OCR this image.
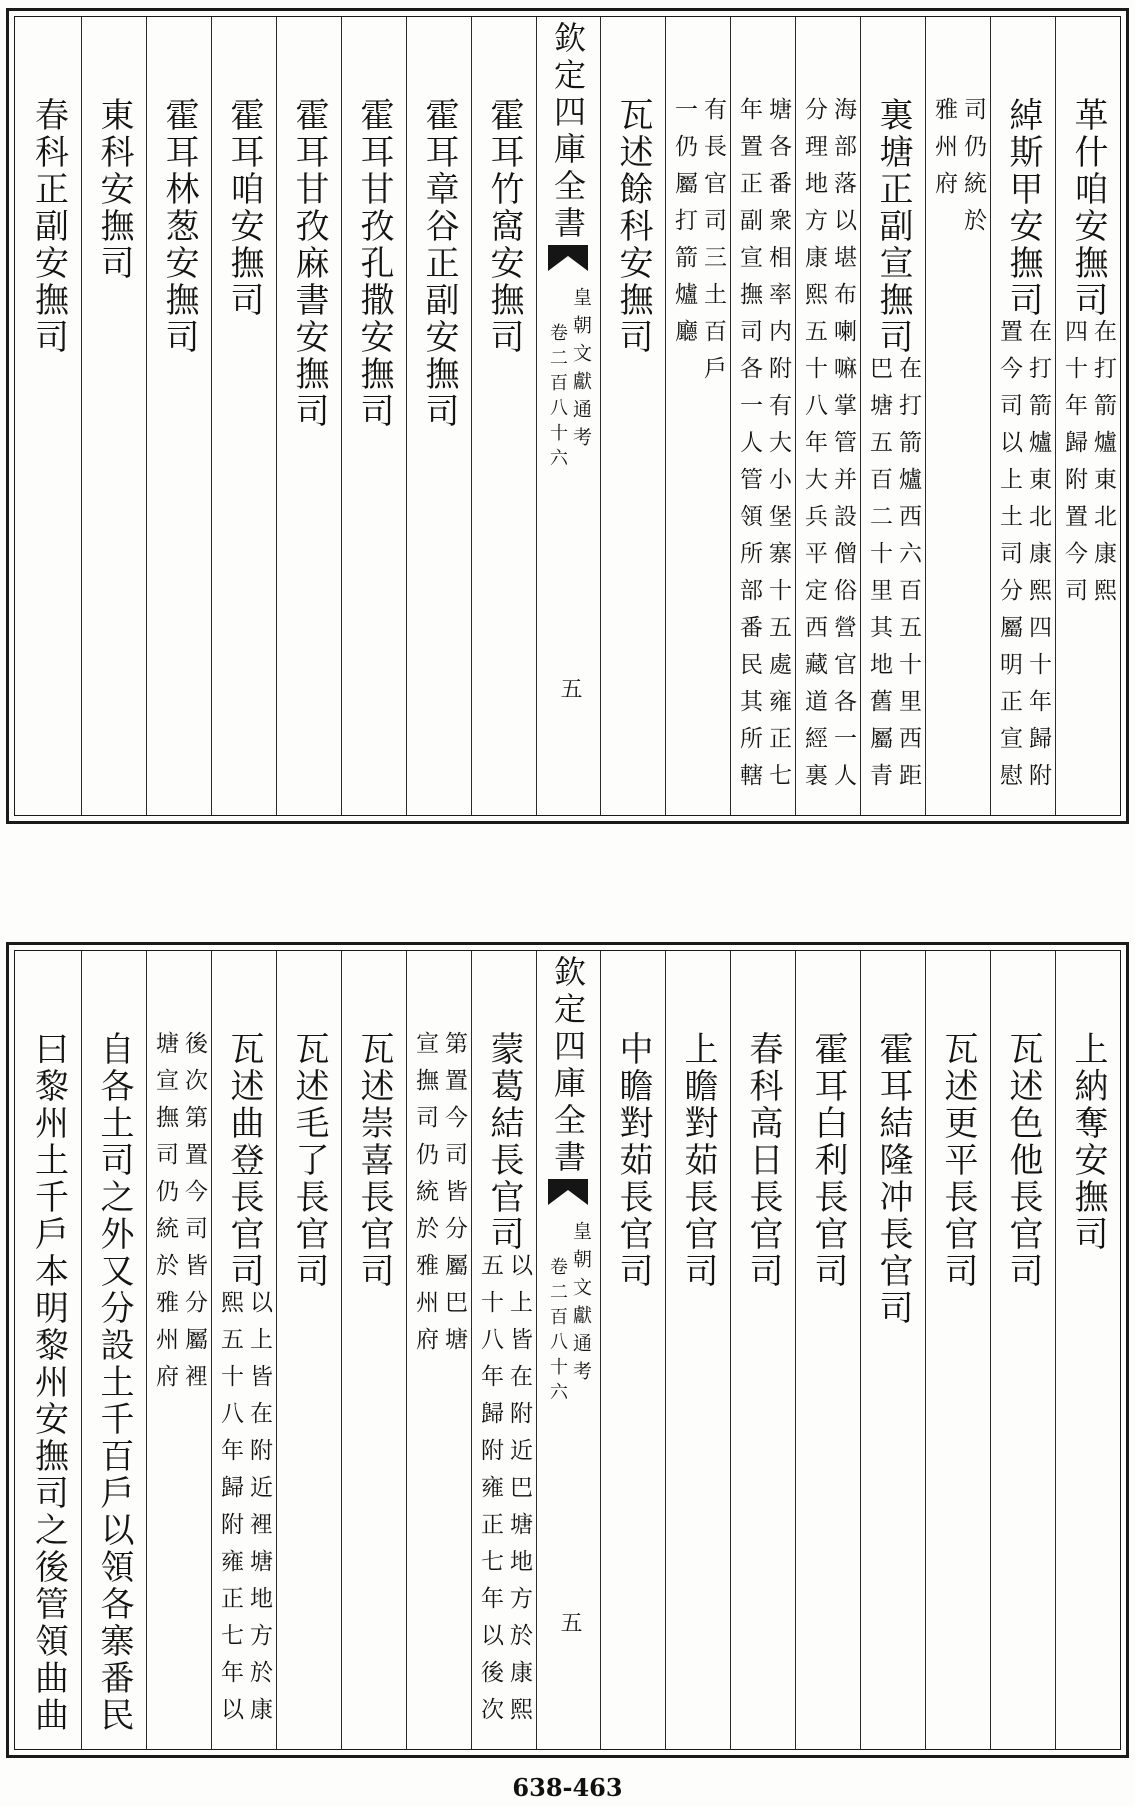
革什咱安撫司
在打箭爐東北康熙
四十年歸附置今司
綽斯甲安撫司
在打箭爐東北康熙四十年歸附
置今司以上土司分屬明正宣慰
司仍統於
雅州府
裏塘正副宣撫司
在打箭爐西六百五十里西距
巴塘五百二十里其地舊屬青
海部落以堪布喇嘛掌管并設僧俗營官各一人
分理地方康熙五十八年大兵平定西藏道經裏
塘各番衆相率内附有大小堡寨十五處雍正七
年置正副宣撫司各一人管領所部番民其所轄
有長官司三土百戶
一仍屬打箭爐廳
瓦述餘科安撫司
欽定四庫全書
皇朝文獻通考
卷二百八十六
五
霍耳竹窩安撫司
霍耳章谷正副安撫司
霍耳甘孜孔撒安撫司
霍耳甘孜麻書安撫司
霍耳咱安撫司
霍耳林葱安撫司
東科安撫司
春科正副安撫司
上納奪安撫司
瓦述色他長官司
瓦述更平長官司
霍耳結隆冲長官司
霍耳白利長官司
春科高日長官司
上瞻對茹長官司
中瞻對茹長官司
欽定四庫全書
皇朝文獻通考
卷二百八十六
五
蒙葛結長官司
以上皆在附近巴塘地方於康熙
五十八年歸附雍正七年以後次
第置今司皆分屬巴塘
宣撫司仍統於雅州府
瓦述崇喜長官司
瓦述毛了長官司
瓦述曲登長官司
以上皆在附近裡塘地方於康
熙五十八年歸附雍正七年以
後次第置今司皆分屬裡
塘宣撫司仍統於雅州府
自各土司之外又分設土千百戶以領各寨番民
曰黎州土千戶本明黎州安撫司之後管領曲曲
638-463
